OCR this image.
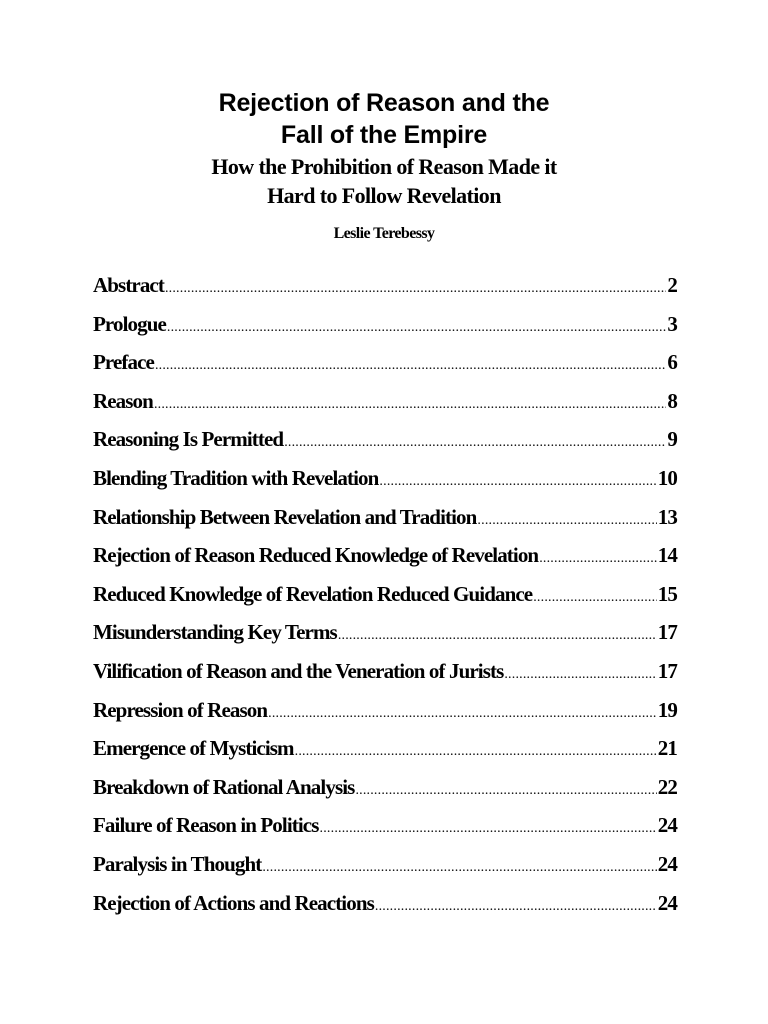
Rejection of Reason and the
Fall of the Empire
How the Prohibition of Reason Made it
Hard to Follow Revelation
Leslie Terebessy
Abstract .....	2
Prologue .....	3
Preface .....	6
Reason .....	8
Reasoning Is Permitted .....	9
Blending Tradition with Revelation .....	10
Relationship Between Revelation and Tradition .....	13
Rejection of Reason Reduced Knowledge of Revelation .....	14
Reduced Knowledge of Revelation Reduced Guidance .....	15
Misunderstanding Key Terms .....	17
Vilification of Reason and the Veneration of Jurists .....	17
Repression of Reason .....	19
Emergence of Mysticism .....	21
Breakdown of Rational Analysis .....	22
Failure of Reason in Politics .....	24
Paralysis in Thought .....	24
Rejection of Actions and Reactions .....	24
